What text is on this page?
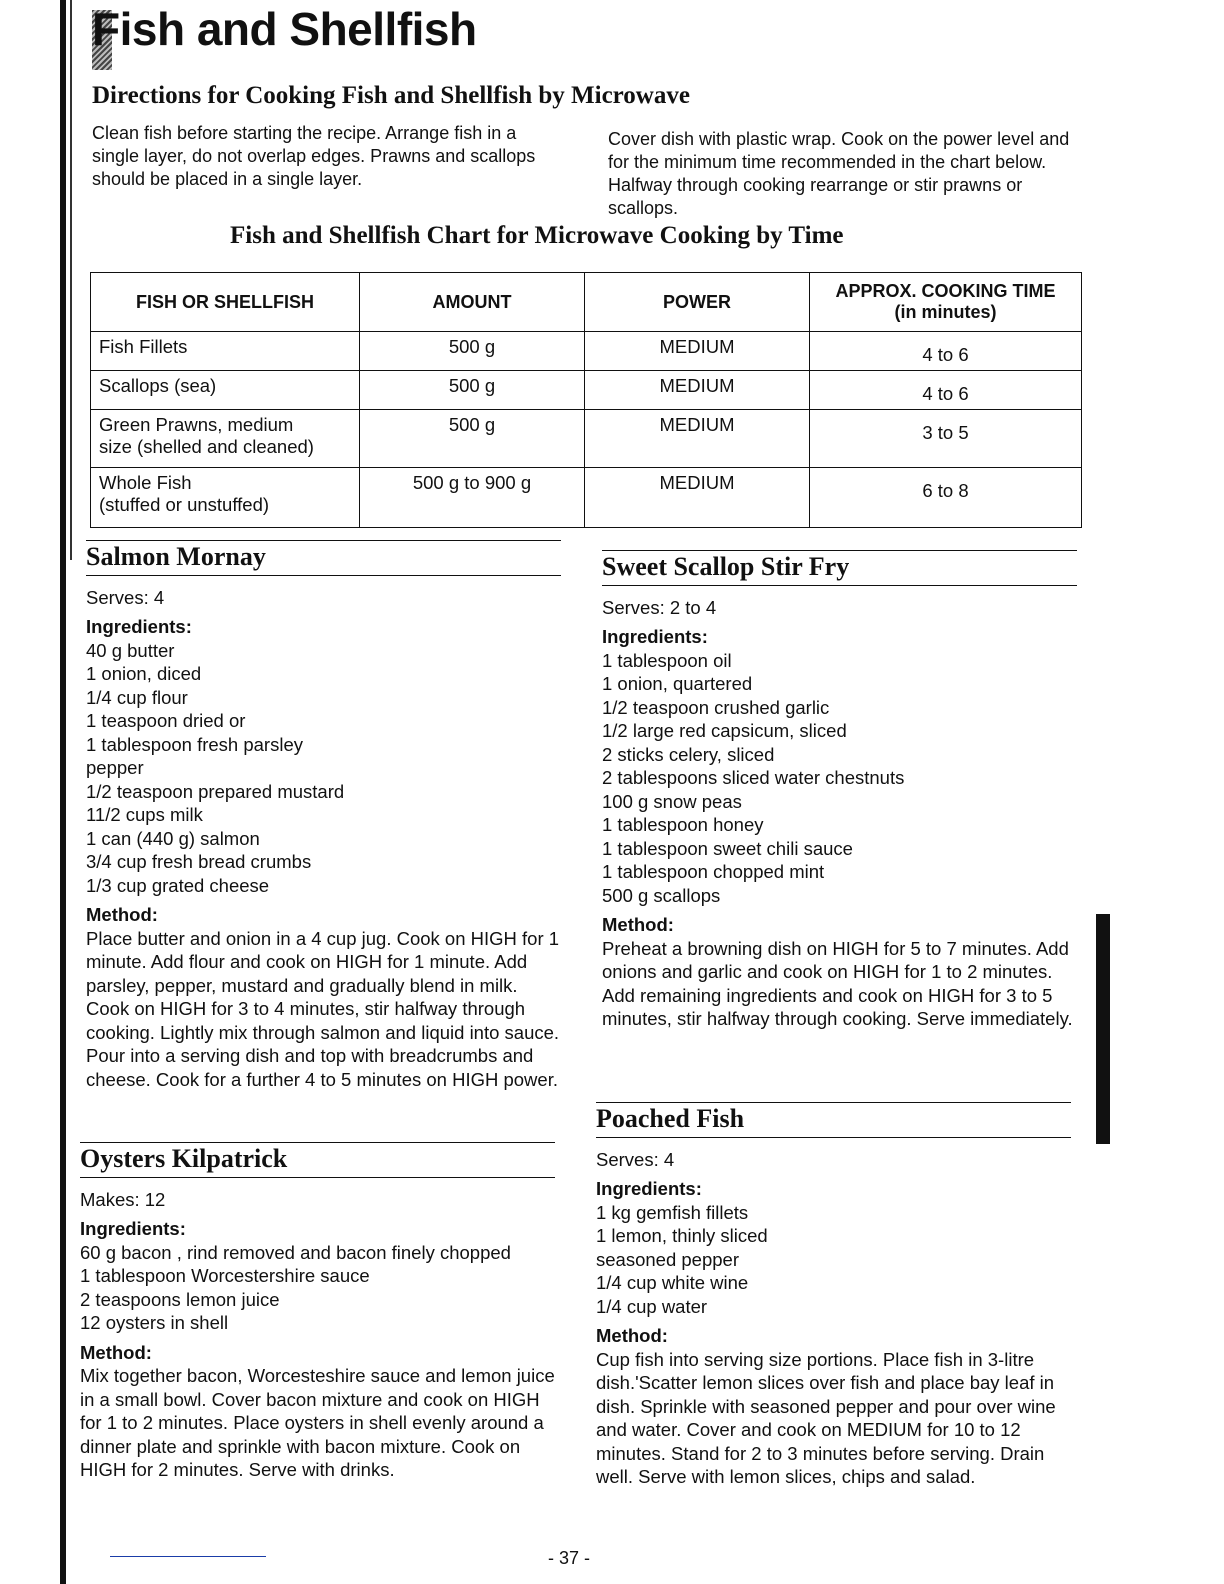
Fish and Shellfish
Directions for Cooking Fish and Shellfish by Microwave
Clean fish before starting the recipe. Arrange fish in a single layer, do not overlap edges. Prawns and scallops should be placed in a single layer.
Cover dish with plastic wrap. Cook on the power level and for the minimum time recommended in the chart below. Halfway through cooking rearrange or stir prawns or scallops.
Fish and Shellfish Chart for Microwave Cooking by Time
FISH OR SHELLFISH	AMOUNT	POWER	APPROX. COOKING TIME
(in minutes)

Fish Fillets	500 g	MEDIUM	4 to 6

Scallops (sea)	500 g	MEDIUM	4 to 6

Green Prawns, medium
size (shelled and cleaned)	500 g	MEDIUM	3 to 5

Whole Fish
(stuffed or unstuffed)	500 g to 900 g	MEDIUM	6 to 8
Salmon Mornay
Serves: 4
Ingredients:
40 g butter
1 onion, diced
1/4 cup flour
1 teaspoon dried or
1 tablespoon fresh parsley
pepper
1/2 teaspoon prepared mustard
11/2 cups milk
1 can (440 g) salmon
3/4 cup fresh bread crumbs
1/3 cup grated cheese
Method:
Place butter and onion in a 4 cup jug. Cook on HIGH for 1 minute. Add flour and cook on HIGH for 1 minute. Add parsley, pepper, mustard and gradually blend in milk. Cook on HIGH for 3 to 4 minutes, stir halfway through cooking. Lightly mix through salmon and liquid into sauce. Pour into a serving dish and top with breadcrumbs and cheese. Cook for a further 4 to 5 minutes on HIGH power.
Oysters Kilpatrick
Makes: 12
Ingredients:
60 g bacon , rind removed and bacon finely chopped
1 tablespoon Worcestershire sauce
2 teaspoons lemon juice
12 oysters in shell
Method:
Mix together bacon, Worcesteshire sauce and lemon juice in a small bowl. Cover bacon mixture and cook on HIGH for 1 to 2 minutes. Place oysters in shell evenly around a dinner plate and sprinkle with bacon mixture. Cook on HIGH for 2 minutes. Serve with drinks.
Sweet Scallop Stir Fry
Serves: 2 to 4
Ingredients:
1 tablespoon oil
1 onion, quartered
1/2 teaspoon crushed garlic
1/2 large red capsicum, sliced
2 sticks celery, sliced
2 tablespoons sliced water chestnuts
100 g snow peas
1 tablespoon honey
1 tablespoon sweet chili sauce
1 tablespoon chopped mint
500 g scallops
Method:
Preheat a browning dish on HIGH for 5 to 7 minutes. Add onions and garlic and cook on HIGH for 1 to 2 minutes. Add remaining ingredients and cook on HIGH for 3 to 5 minutes, stir halfway through cooking. Serve immediately.
Poached Fish
Serves: 4
Ingredients:
1 kg gemfish fillets
1 lemon, thinly sliced
seasoned pepper
1/4 cup white wine
1/4 cup water
Method:
Cup fish into serving size portions. Place fish in 3-litre dish.'Scatter lemon slices over fish and place bay leaf in dish. Sprinkle with seasoned pepper and pour over wine and water. Cover and cook on MEDIUM for 10 to 12 minutes. Stand for 2 to 3 minutes before serving. Drain well. Serve with lemon slices, chips and salad.
- 37 -
